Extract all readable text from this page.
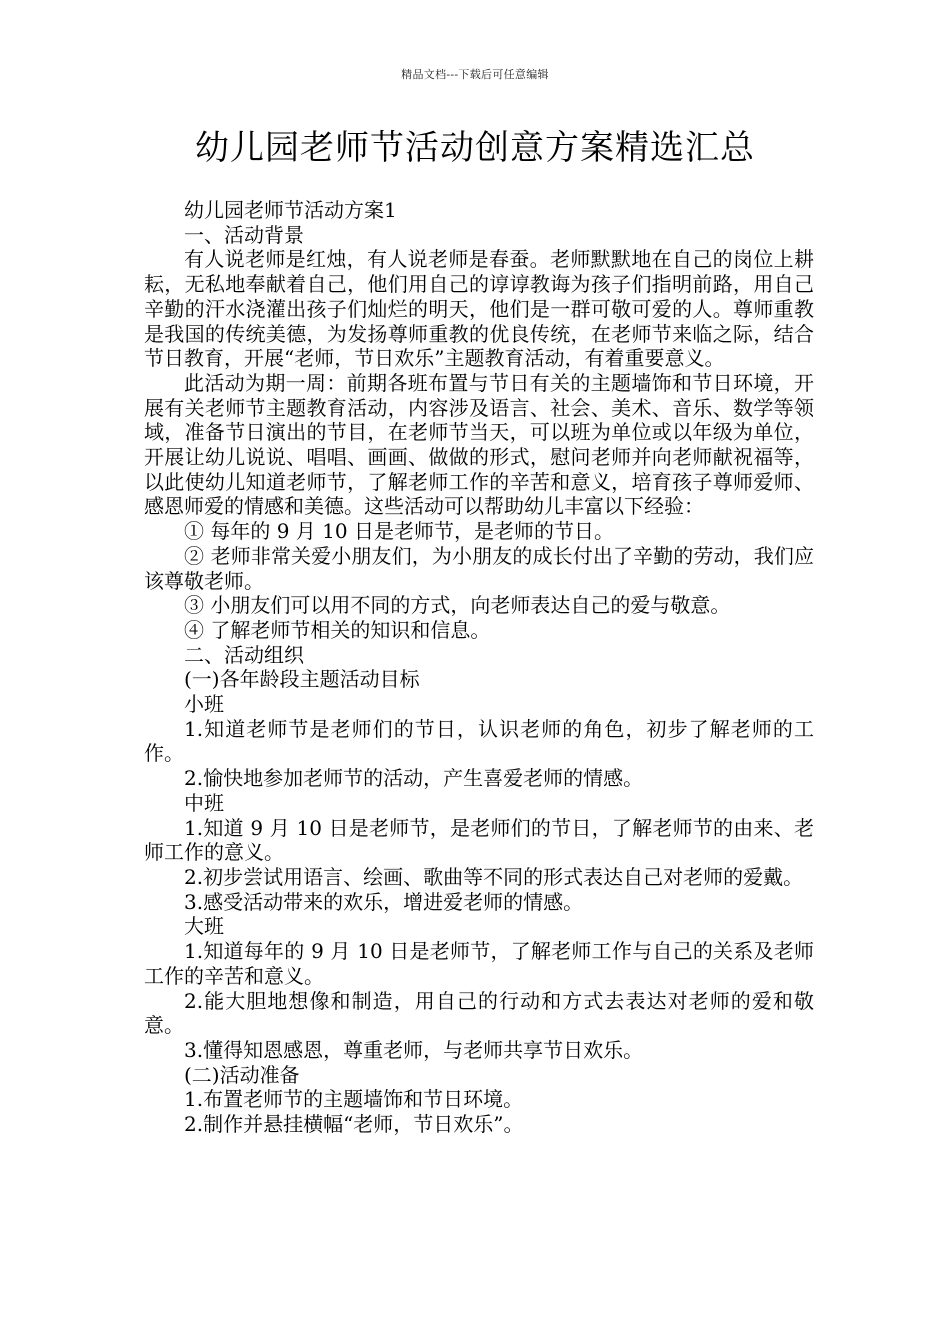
精品文档---下载后可任意编辑
幼儿园老师节活动创意方案精选汇总

幼儿园老师节活动方案1

一、活动背景

有人说老师是红烛，有人说老师是春蚕。老师默默地在自己的岗位上耕耘，无私地奉献着自己，他们用自己的谆谆教诲为孩子们指明前路，用自己辛勤的汗水浇灌出孩子们灿烂的明天，他们是一群可敬可爱的人。尊师重教是我国的传统美德，为发扬尊师重教的优良传统，在老师节来临之际，结合节日教育，开展“老师，节日欢乐”主题教育活动，有着重要意义。

此活动为期一周：前期各班布置与节日有关的主题墙饰和节日环境，开展有关老师节主题教育活动，内容涉及语言、社会、美术、音乐、数学等领域，准备节日演出的节目，在老师节当天，可以班为单位或以年级为单位，开展让幼儿说说、唱唱、画画、做做的形式，慰问老师并向老师献祝福等，以此使幼儿知道老师节，了解老师工作的辛苦和意义，培育孩子尊师爱师、感恩师爱的情感和美德。这些活动可以帮助幼儿丰富以下经验：

① 每年的 9 月 10 日是老师节，是老师的节日。

② 老师非常关爱小朋友们，为小朋友的成长付出了辛勤的劳动，我们应该尊敬老师。

③ 小朋友们可以用不同的方式，向老师表达自己的爱与敬意。

④ 了解老师节相关的知识和信息。

二、活动组织

(一)各年龄段主题活动目标

小班

1.知道老师节是老师们的节日，认识老师的角色，初步了解老师的工作。

2.愉快地参加老师节的活动，产生喜爱老师的情感。

中班

1.知道 9 月 10 日是老师节，是老师们的节日，了解老师节的由来、老师工作的意义。

2.初步尝试用语言、绘画、歌曲等不同的形式表达自己对老师的爱戴。

3.感受活动带来的欢乐，增进爱老师的情感。

大班

1.知道每年的 9 月 10 日是老师节，了解老师工作与自己的关系及老师工作的辛苦和意义。

2.能大胆地想像和制造，用自己的行动和方式去表达对老师的爱和敬意。

3.懂得知恩感恩，尊重老师，与老师共享节日欢乐。

(二)活动准备

1.布置老师节的主题墙饰和节日环境。

2.制作并悬挂横幅“老师，节日欢乐”。
